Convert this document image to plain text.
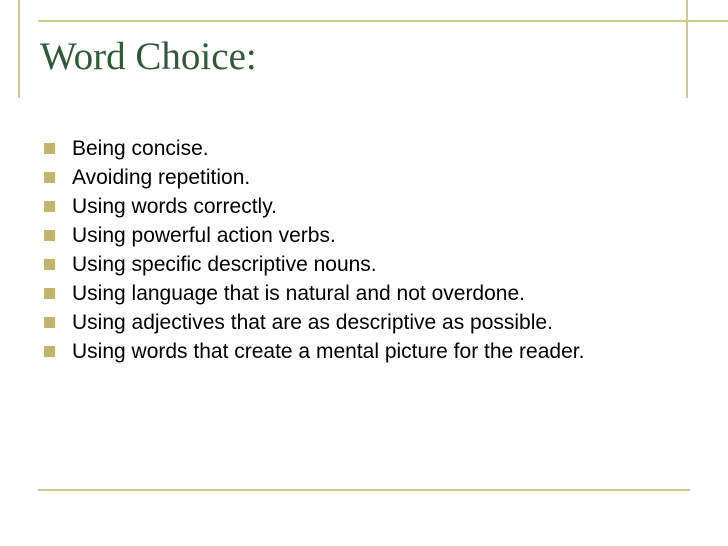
Word Choice:
Being concise.
Avoiding repetition.
Using words correctly.
Using powerful action verbs.
Using specific descriptive nouns.
Using language that is natural and not overdone.
Using adjectives that are as descriptive as possible.
Using words that create a mental picture for the reader.
